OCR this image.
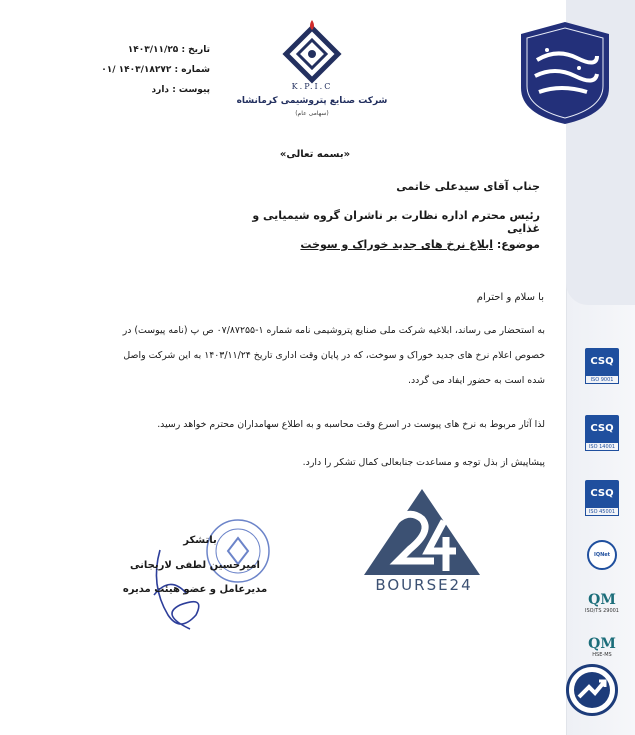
K.P.I.C
شرکت صنایع پتروشیمی کرمانشاه
(سهامی عام)
تاریخ : ۱۴۰۳/۱۱/۲۵
شماره : ۱۴۰۳/۱۸۲۷۲ /۰۱
پیوست : دارد
«بسمه تعالی»
جناب آقای سیدعلی خاتمی
رئیس محترم اداره نظارت بر ناشران گروه شیمیایی و غذایی
موضوع: ابلاغ نرخ های جدید خوراک و سوخت
با سلام و احترام
به استحضار می رساند، ابلاغیه شرکت ملی صنایع پتروشیمی نامه شماره ۱-۰۷/۸۷۲۵۵ ص پ (نامه پیوست) در خصوص اعلام نرخ های جدید خوراک و سوخت، که در پایان وقت اداری تاریخ ۱۴۰۳/۱۱/۲۴ به این شرکت واصل شده است به حضور ایفاد می گردد.
لذا آثار مربوط به نرخ های پیوست در اسرع وقت محاسبه و به اطلاع سهامداران محترم خواهد رسید.
پیشاپیش از بذل توجه و مساعدت جنابعالی کمال تشکر را دارد.
BOURSE24
باتشکر
امیرحسین لطفی لاریجانی
مدیرعامل و عضو هیئت مدیره
CSQ
ISO 9001
CSQ
ISO 14001
CSQ
ISO 45001
IQNet
QM
ISO/TS 29001
QM
HSE-MS
